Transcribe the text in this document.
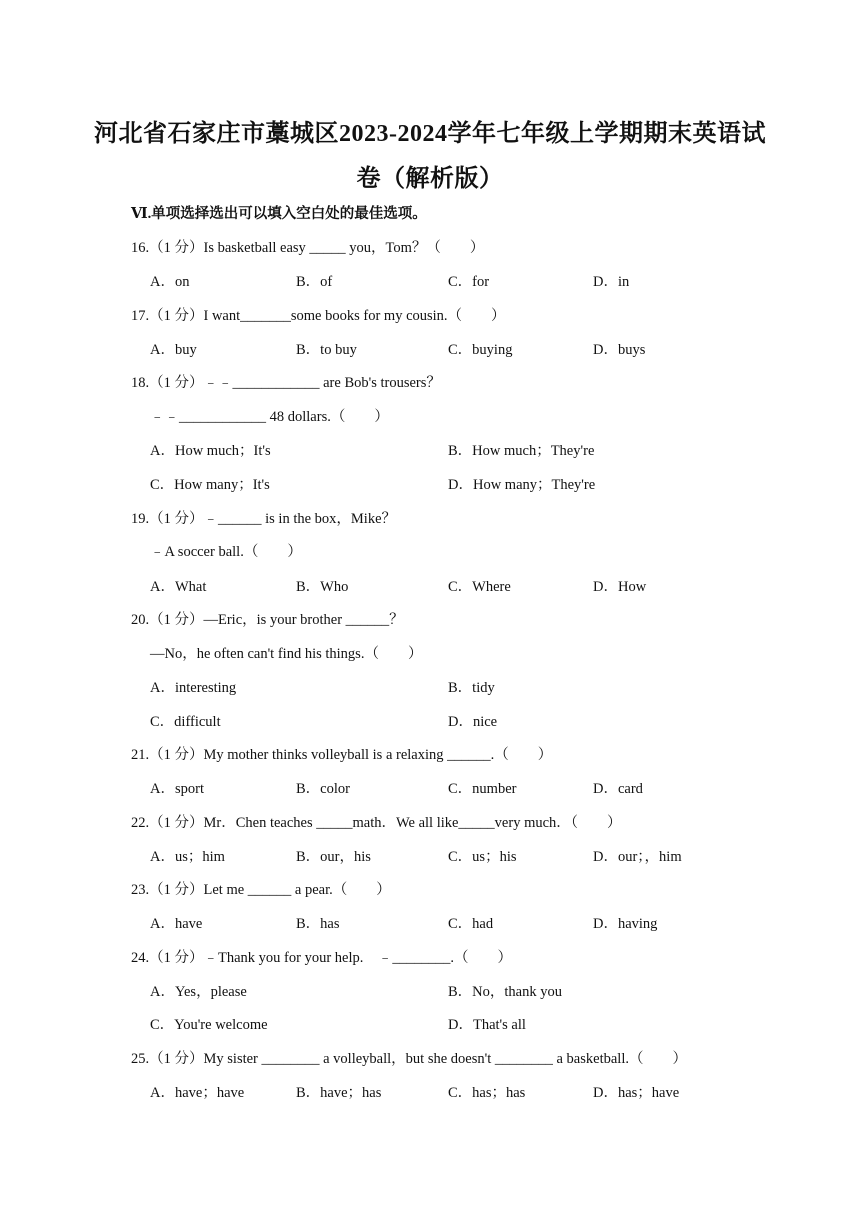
河北省石家庄市藁城区2023-2024学年七年级上学期期末英语试
卷（解析版）
Ⅵ.单项选择选出可以填入空白处的最佳选项。
16.（1 分）Is basketball easy _____ you，Tom？（　　）
A．on	B．of	C．for	D．in
17.（1 分）I want_______some books for my cousin.（　　）
A．buy	B．to buy	C．buying	D．buys
18.（1 分）﹣﹣____________ are Bob's trousers？
﹣﹣____________ 48 dollars.（　　）
A．How much；It's	B．How much；They're
C．How many；It's	D．How many；They're
19.（1 分）﹣______ is in the box，Mike？
﹣A soccer ball.（　　）
A．What	B．Who	C．Where	D．How
20.（1 分）—Eric，is your brother ______？
—No，he often can't find his things.（　　）
A．interesting	B．tidy
C．difficult	D．nice
21.（1 分）My mother thinks volleyball is a relaxing ______.（　　）
A．sport	B．color	C．number	D．card
22.（1 分）Mr．Chen teaches _____math．We all like_____very much．（　　）
A．us；him	B．our，his	C．us；his	D．our；，him
23.（1 分）Let me ______ a pear.（　　）
A．have	B．has	C．had	D．having
24.（1 分）﹣Thank you for your help.　﹣________.（　　）
A．Yes，please	B．No，thank you
C．You're welcome	D．That's all
25.（1 分）My sister ________ a volleyball，but she doesn't ________ a basketball.（　　）
A．have；have	B．have；has	C．has；has	D．has；have
